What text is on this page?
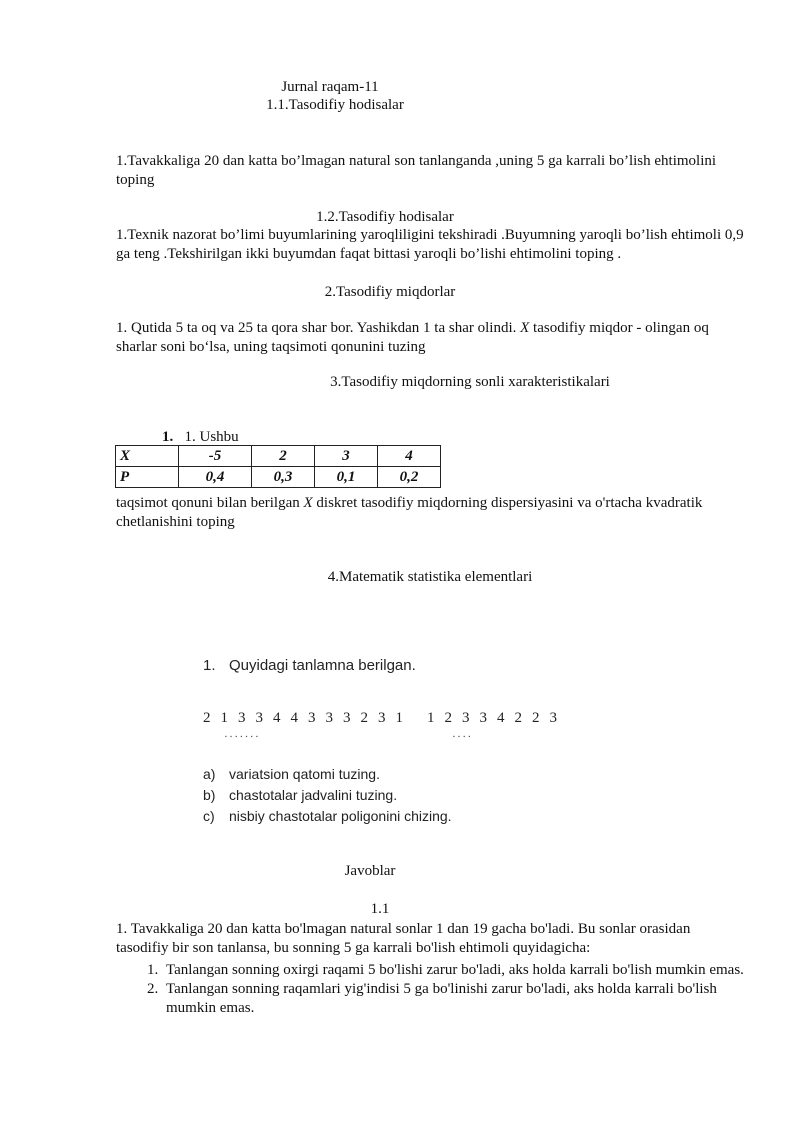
Jurnal raqam-11
1.1.Tasodifiy hodisalar
1.Tavakkaliga 20 dan katta bo’lmagan natural son tanlanganda ,uning 5 ga karrali bo’lish ehtimolini toping
1.2.Tasodifiy hodisalar
1.Texnik nazorat bo’limi buyumlarining yaroqliligini tekshiradi .Buyumning yaroqli bo’lish ehtimoli 0,9 ga teng .Tekshirilgan ikki buyumdan faqat bittasi yaroqli bo’lishi ehtimolini toping .
2.Tasodifiy miqdorlar
1. Qutida 5 ta oq va 25 ta qora shar bor. Yashikdan 1 ta shar olindi. X tasodifiy miqdor - olingan oq sharlar soni bo‘lsa, uning taqsimoti qonunini tuzing
3.Tasodifiy miqdorning sonli xarakteristikalari
1. 1. Ushbu
X	-5	2	3	4
P	0,4	0,3	0,1	0,2
taqsimot qonuni bilan berilgan X diskret tasodifiy miqdorning dispersiyasini va o'rtacha kvadratik chetlanishini toping
4.Matematik statistika elementlari
1. Quyidagi tanlamna berilgan.
2 1 3 3 4 4 3 3 3 2 3 1 1 2 3 3 4 2 2 3
▪ ▪ ▪ ▪ ▪ ▪ ▪	▪ ▪ ▪ ▪
a) variatsion qatomi tuzing.
b) chastotalar jadvalini tuzing.
c) nisbiy chastotalar poligonini chizing.
Javoblar
1.1
1. Tavakkaliga 20 dan katta bo'lmagan natural sonlar 1 dan 19 gacha bo'ladi. Bu sonlar orasidan tasodifiy bir son tanlansa, bu sonning 5 ga karrali bo'lish ehtimoli quyidagicha:
1. Tanlangan sonning oxirgi raqami 5 bo'lishi zarur bo'ladi, aks holda karrali bo'lish mumkin emas.
2. Tanlangan sonning raqamlari yig'indisi 5 ga bo'linishi zarur bo'ladi, aks holda karrali bo'lish mumkin emas.
